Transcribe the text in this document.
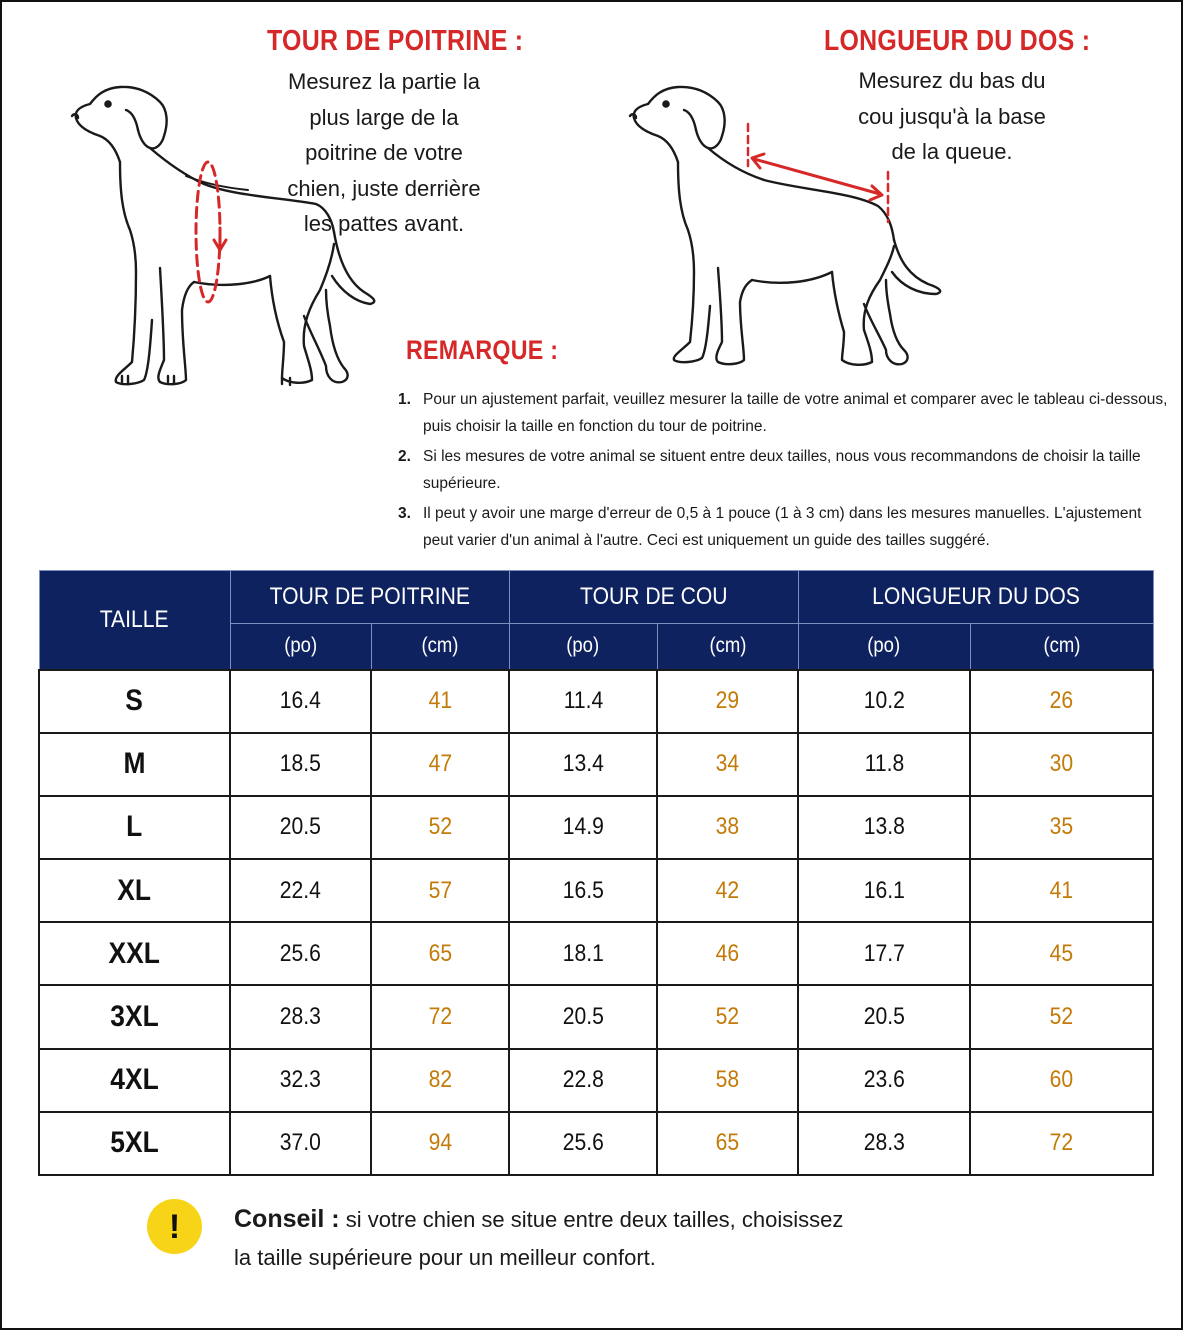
TOUR DE POITRINE :
Mesurez la partie la
plus large de la
poitrine de votre
chien, juste derrière
les pattes avant.
LONGUEUR DU DOS :
Mesurez du bas du
cou jusqu'à la base
de la queue.
REMARQUE :
1. Pour un ajustement parfait, veuillez mesurer la taille de votre animal et comparer avec le tableau ci-dessous, puis choisir la taille en fonction du tour de poitrine.
2. Si les mesures de votre animal se situent entre deux tailles, nous vous recommandons de choisir la taille supérieure.
3. Il peut y avoir une marge d'erreur de 0,5 à 1 pouce (1 à 3 cm) dans les mesures manuelles. L'ajustement peut varier d'un animal à l'autre. Ceci est uniquement un guide des tailles suggéré.
TAILLE	TOUR DE POITRINE		TOUR DE COU		LONGUEUR DU DOS	
	(po)	(cm)	(po)	(cm)	(po)	(cm)
S	16.4	41	11.4	29	10.2	26
M	18.5	47	13.4	34	11.8	30
L	20.5	52	14.9	38	13.8	35
XL	22.4	57	16.5	42	16.1	41
XXL	25.6	65	18.1	46	17.7	45
3XL	28.3	72	20.5	52	20.5	52
4XL	32.3	82	22.8	58	23.6	60
5XL	37.0	94	25.6	65	28.3	72
! Conseil : si votre chien se situe entre deux tailles, choisissez
la taille supérieure pour un meilleur confort.
